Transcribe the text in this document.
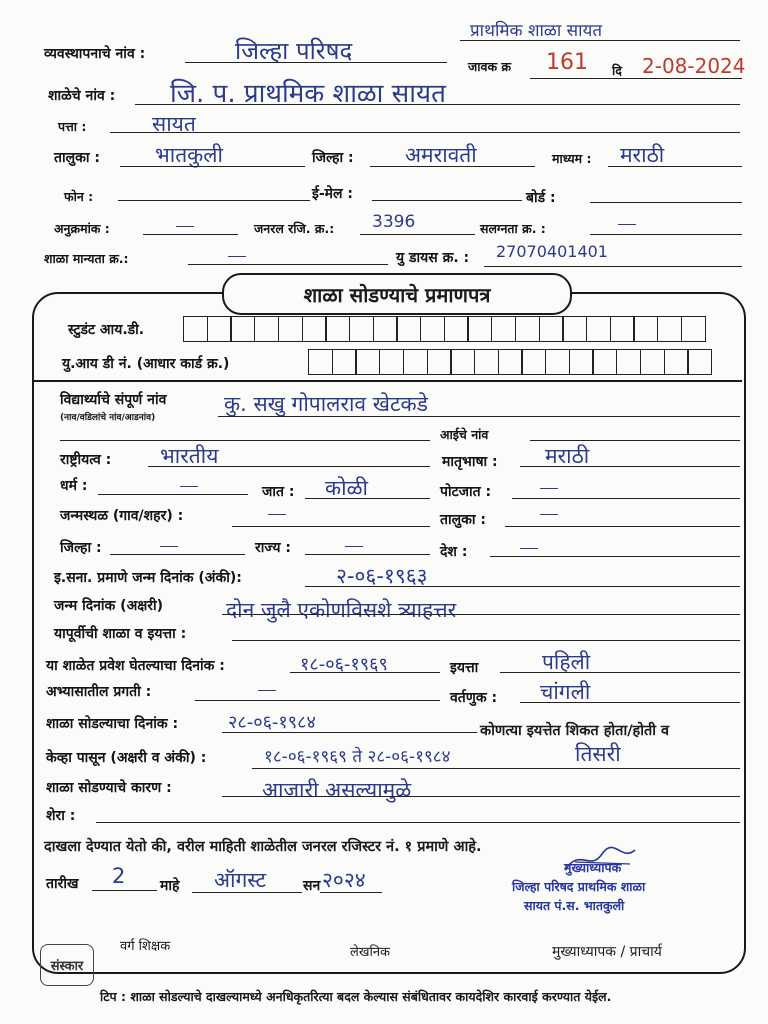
प्राथमिक शाळा सायत
व्यवस्थापनाचे नांव :	जिल्हा परिषद
जावक क्र 161 दि 2-08-2024
शाळेचे नांव : जि. प. प्राथमिक शाळा सायत
पत्ता :	सायत
तालुका :	भातकुली	जिल्हा : अमरावती	माध्यम : मराठी
फोन :	ई-मेल :	बोर्ड :
अनुक्रमांक :	जनरल रजि. क्र.: 3396	सलग्नता क्र. :
शाळा मान्यता क्र.:	यु डायस क्र. : 27070401401
शाळा सोडण्याचे प्रमाणपत्र
स्टुडंट आय.डी.
यु.आय डी नं. (आधार कार्ड क्र.)
विद्यार्थ्याचे संपूर्ण नांव
(नाव/वडिलांचे नांव/आडनांव)
कु. सखु गोपालराव खेटकडे
आईचे नांव
राष्ट्रीयत्व : भारतीय	मातृभाषा : मराठी
धर्म :	जात : कोळी	पोटजात :
जन्मस्थळ (गाव/शहर) :	तालुका :
जिल्हा :	राज्य :	देश :
इ.सना. प्रमाणे जन्म दिनांक (अंकी):	२-०६-१९६३
जन्म दिनांक (अक्षरी)	दोन जुलै एकोणविसशे त्र्याहत्तर
यापूर्वीची शाळा व इयत्ता :
या शाळेत प्रवेश घेतल्याचा दिनांक :	१८-०६-१९६९	इयत्ता	पहिली
अभ्यासातील प्रगती :	वर्तणुक : चांगली
शाळा सोडल्याचा दिनांक :	२८-०६-१९८४	कोणत्या इयत्तेत शिकत होता/होती व
केव्हा पासून (अक्षरी व अंकी) :	१८-०६-१९६९ ते २८-०६-१९८४	तिसरी
शाळा सोडण्याचे कारण :	आजारी असल्यामुळे
शेरा :
दाखला देण्यात येतो की, वरील माहिती शाळेतील जनरल रजिस्टर नं. १ प्रमाणे आहे.
तारीख 2 माहे ऑगस्ट	सन २०२४
मुख्याध्यापक
जिल्हा परिषद प्राथमिक शाळा
सायत पं.स. भातकुली
वर्ग शिक्षक	लेखनिक	मुख्याध्यापक / प्राचार्य
संस्कार
टिप : शाळा सोडल्याचे दाखल्यामध्ये अनधिकृतरित्या बदल केल्यास संबंधितावर कायदेशिर कारवाई करण्यात येईल.
